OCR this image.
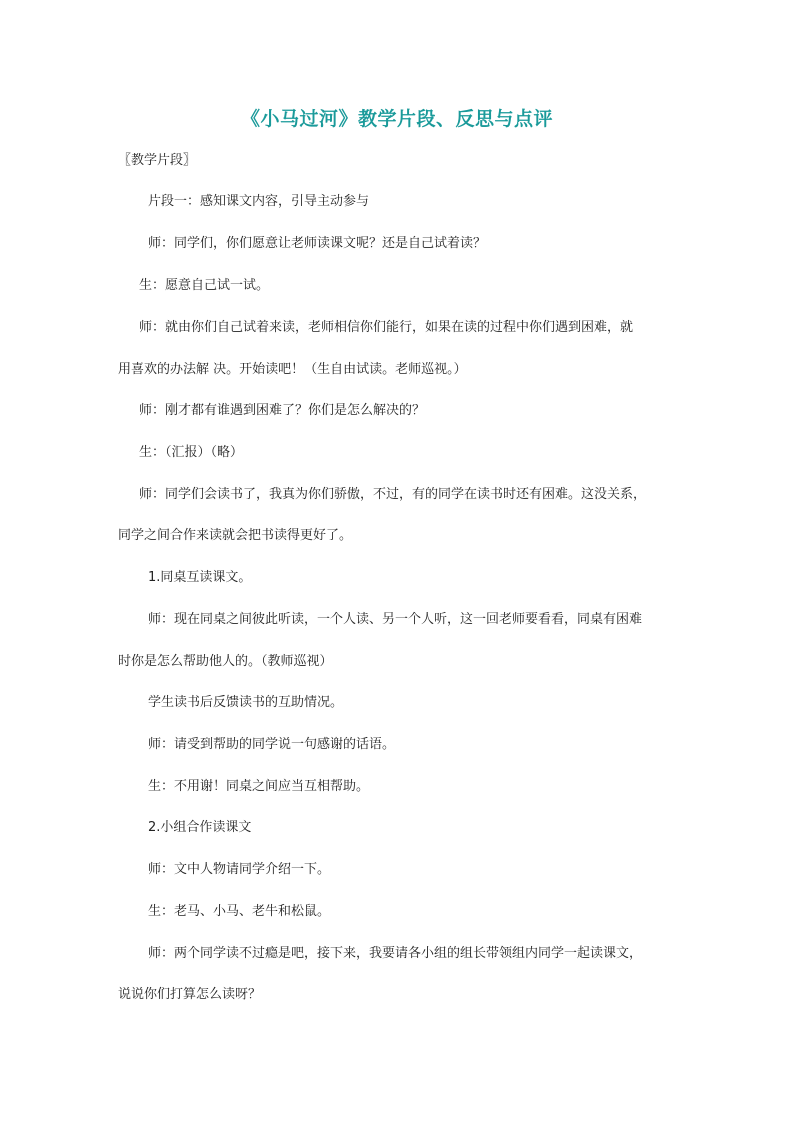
《小马过河》教学片段、反思与点评
〖教学片段〗
片段一：感知课文内容，引导主动参与
师：同学们，你们愿意让老师读课文呢？还是自己试着读？
生：愿意自己试一试。
师：就由你们自己试着来读，老师相信你们能行，如果在读的过程中你们遇到困难，就
用喜欢的办法解 决。开始读吧！（生自由试读。老师巡视。）
师：刚才都有谁遇到困难了？你们是怎么解决的？
生：（汇报）（略）
师：同学们会读书了，我真为你们骄傲，不过，有的同学在读书时还有困难。这没关系，
同学之间合作来读就会把书读得更好了。
1.同桌互读课文。
师：现在同桌之间彼此听读，一个人读、另一个人听，这一回老师要看看，同桌有困难
时你是怎么帮助他人的。（教师巡视）
学生读书后反馈读书的互助情况。
师：请受到帮助的同学说一句感谢的话语。
生：不用谢！同桌之间应当互相帮助。
2.小组合作读课文
师：文中人物请同学介绍一下。
生：老马、小马、老牛和松鼠。
师：两个同学读不过瘾是吧，接下来，我要请各小组的组长带领组内同学一起读课文，
说说你们打算怎么读呀？
